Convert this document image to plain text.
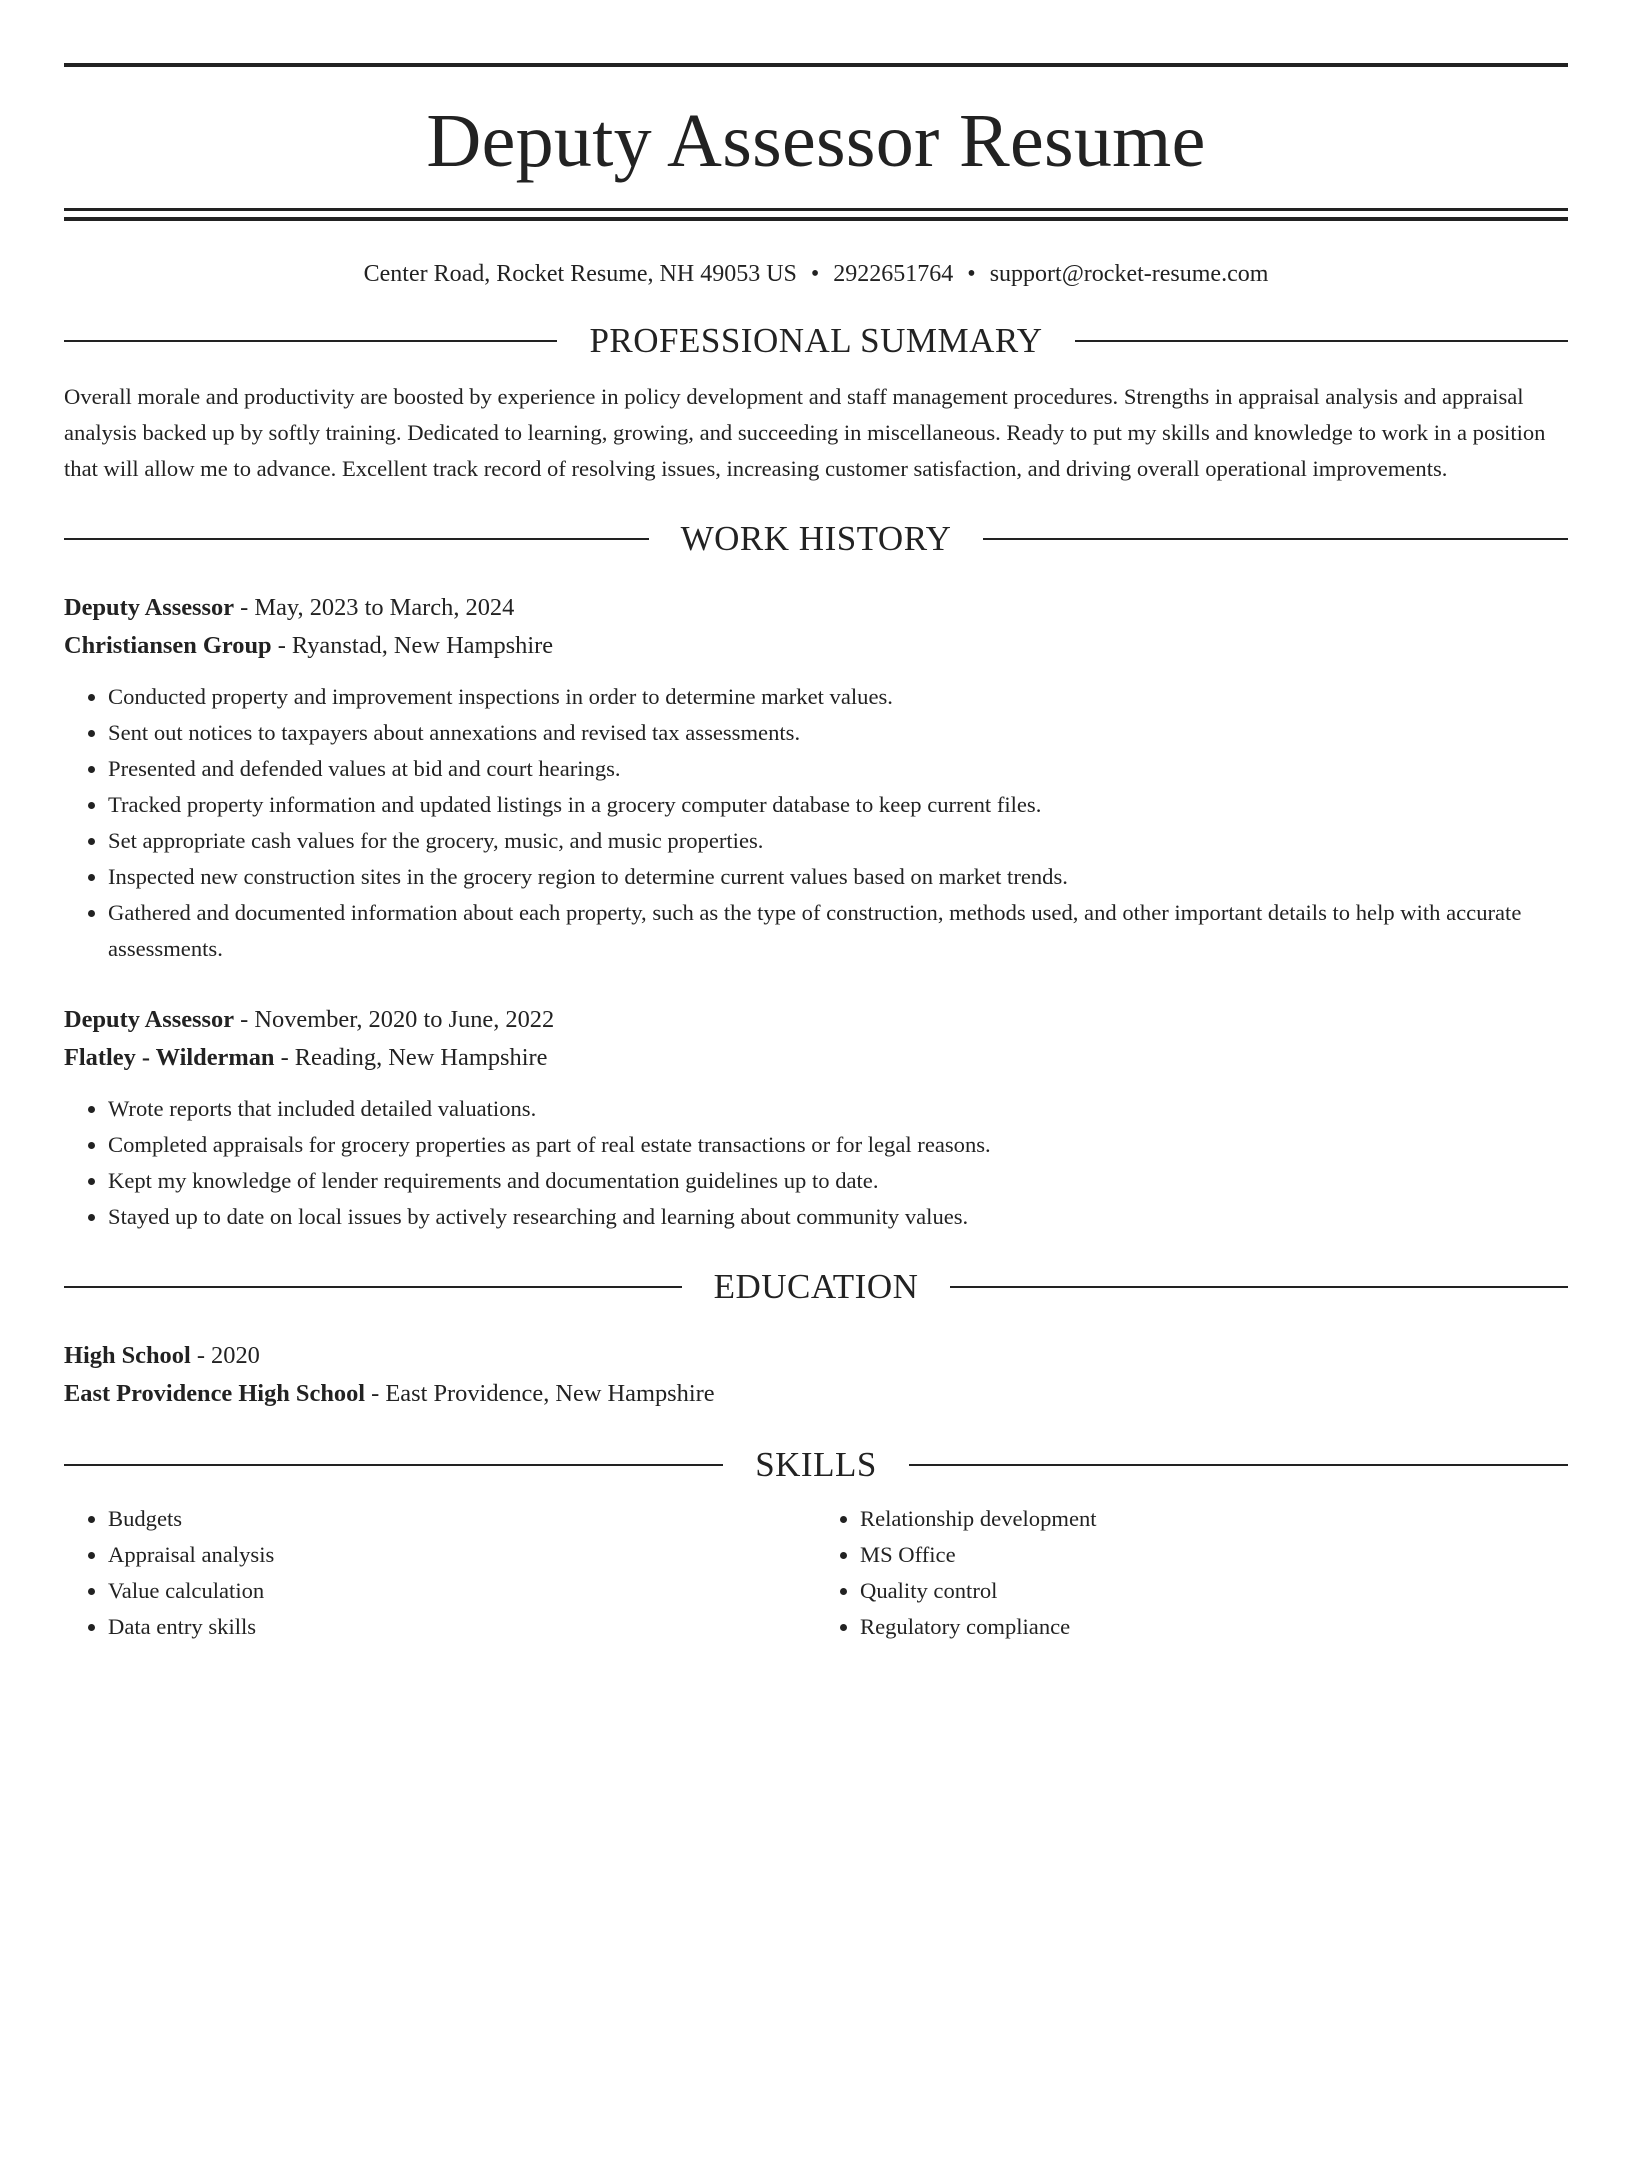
Deputy Assessor Resume
Center Road, Rocket Resume, NH 49053 US • 2922651764 • support@rocket-resume.com
PROFESSIONAL SUMMARY
Overall morale and productivity are boosted by experience in policy development and staff management procedures. Strengths in appraisal analysis and appraisal analysis backed up by softly training. Dedicated to learning, growing, and succeeding in miscellaneous. Ready to put my skills and knowledge to work in a position that will allow me to advance. Excellent track record of resolving issues, increasing customer satisfaction, and driving overall operational improvements.
WORK HISTORY
Deputy Assessor - May, 2023 to March, 2024
Christiansen Group - Ryanstad, New Hampshire
• Conducted property and improvement inspections in order to determine market values.
• Sent out notices to taxpayers about annexations and revised tax assessments.
• Presented and defended values at bid and court hearings.
• Tracked property information and updated listings in a grocery computer database to keep current files.
• Set appropriate cash values for the grocery, music, and music properties.
• Inspected new construction sites in the grocery region to determine current values based on market trends.
• Gathered and documented information about each property, such as the type of construction, methods used, and other important details to help with accurate assessments.
Deputy Assessor - November, 2020 to June, 2022
Flatley - Wilderman - Reading, New Hampshire
• Wrote reports that included detailed valuations.
• Completed appraisals for grocery properties as part of real estate transactions or for legal reasons.
• Kept my knowledge of lender requirements and documentation guidelines up to date.
• Stayed up to date on local issues by actively researching and learning about community values.
EDUCATION
High School - 2020
East Providence High School - East Providence, New Hampshire
SKILLS
• Budgets
• Appraisal analysis
• Value calculation
• Data entry skills
• Relationship development
• MS Office
• Quality control
• Regulatory compliance
